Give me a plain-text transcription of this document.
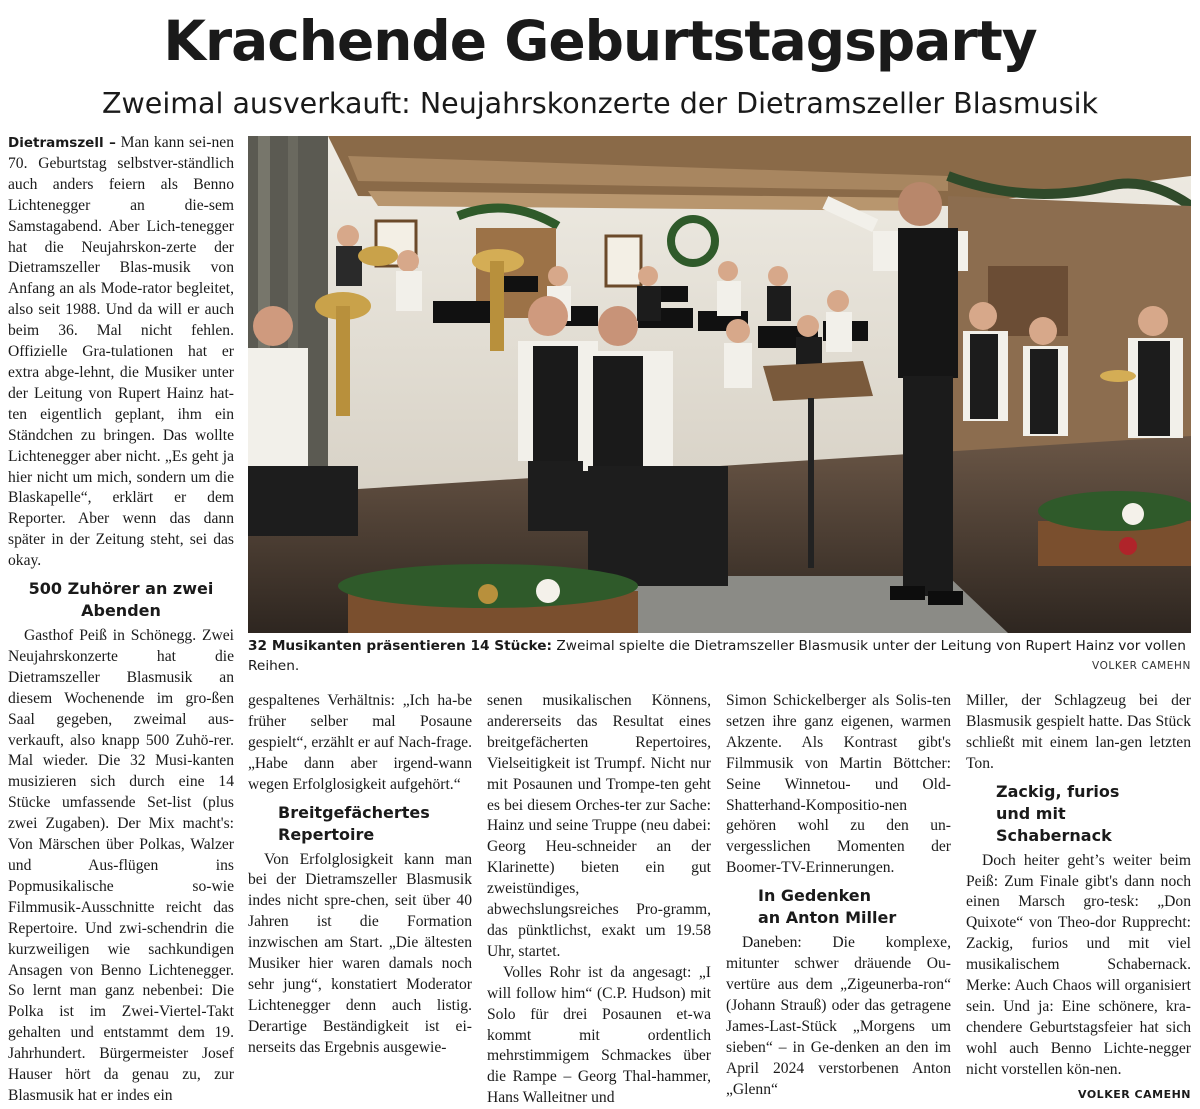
Krachende Geburtstagsparty
Zweimal ausverkauft: Neujahrskonzerte der Dietramszeller Blasmusik

Dietramszell – Man kann sei-nen 70. Geburtstag selbstver-ständlich auch anders feiern als Benno Lichtenegger an die-sem Samstagabend. Aber Lich-tenegger hat die Neujahrskon-zerte der Dietramszeller Blas-musik von Anfang an als Mode-rator begleitet, also seit 1988. Und da will er auch beim 36. Mal nicht fehlen. Offizielle Gra-tulationen hat er extra abge-lehnt, die Musiker unter der Leitung von Rupert Hainz hat-ten eigentlich geplant, ihm ein Ständchen zu bringen. Das wollte Lichtenegger aber nicht. „Es geht ja hier nicht um mich, sondern um die Blaskapelle“, erklärt er dem Reporter. Aber wenn das dann später in der Zeitung steht, sei das okay.

500 Zuhörer an zwei Abenden

Gasthof Peiß in Schönegg. Zwei Neujahrskonzerte hat die Dietramszeller Blasmusik an diesem Wochenende im gro-ßen Saal gegeben, zweimal aus-verkauft, also knapp 500 Zuhö-rer. Mal wieder. Die 32 Musi-kanten musizieren sich durch eine 14 Stücke umfassende Set-list (plus zwei Zugaben). Der Mix macht's: Von Märschen über Polkas, Walzer und Aus-flügen ins Popmusikalische so-wie Filmmusik-Ausschnitte reicht das Repertoire. Und zwi-schendrin die kurzweiligen wie sachkundigen Ansagen von Benno Lichtenegger. So lernt man ganz nebenbei: Die Polka ist im Zwei-Viertel-Takt gehalten und entstammt dem 19. Jahrhundert. Bürgermeister Josef Hauser hört da genau zu, zur Blasmusik hat er indes ein

32 Musikanten präsentieren 14 Stücke: Zweimal spielte die Dietramszeller Blasmusik unter der Leitung von Rupert Hainz vor vollen Reihen.	VOLKER CAMEHN

gespaltenes Verhältnis: „Ich ha-be früher selber mal Posaune gespielt“, erzählt er auf Nach-frage. „Habe dann aber irgend-wann wegen Erfolglosigkeit aufgehört.“

Breitgefächertes Repertoire

Von Erfolglosigkeit kann man bei der Dietramszeller Blasmusik indes nicht spre-chen, seit über 40 Jahren ist die Formation inzwischen am Start. „Die ältesten Musiker hier waren damals noch sehr jung“, konstatiert Moderator Lichtenegger denn auch listig. Derartige Beständigkeit ist ei-nerseits das Ergebnis ausgewie-

senen musikalischen Könnens, andererseits das Resultat eines breitgefächerten Repertoires, Vielseitigkeit ist Trumpf. Nicht nur mit Posaunen und Trompe-ten geht es bei diesem Orches-ter zur Sache: Hainz und seine Truppe (neu dabei: Georg Heu-schneider an der Klarinette) bieten ein gut zweistündiges, abwechslungsreiches Pro-gramm, das pünktlichst, exakt um 19.58 Uhr, startet.

Volles Rohr ist da angesagt: „I will follow him“ (C.P. Hudson) mit Solo für drei Posaunen et-wa kommt mit ordentlich mehrstimmigem Schmackes über die Rampe – Georg Thal-hammer, Hans Walleitner und

Simon Schickelberger als Solis-ten setzen ihre ganz eigenen, warmen Akzente. Als Kontrast gibt's Filmmusik von Martin Böttcher: Seine Winnetou- und Old-Shatterhand-Kompositio-nen gehören wohl zu den un-vergesslichen Momenten der Boomer-TV-Erinnerungen.

In Gedenken an Anton Miller

Daneben: Die komplexe, mitunter schwer dräuende Ou-vertüre aus dem „Zigeunerba-ron“ (Johann Strauß) oder das getragene James-Last-Stück „Morgens um sieben“ – in Ge-denken an den im April 2024 verstorbenen Anton „Glenn“

Miller, der Schlagzeug bei der Blasmusik gespielt hatte. Das Stück schließt mit einem lan-gen letzten Ton.

Zackig, furios und mit Schabernack

Doch heiter geht’s weiter beim Peiß: Zum Finale gibt's dann noch einen Marsch gro-tesk: „Don Quixote“ von Theo-dor Rupprecht: Zackig, furios und mit viel musikalischem Schabernack. Merke: Auch Chaos will organisiert sein. Und ja: Eine schönere, kra-chendere Geburtstagsfeier hat sich wohl auch Benno Lichte-negger nicht vorstellen kön-nen.
VOLKER CAMEHN
